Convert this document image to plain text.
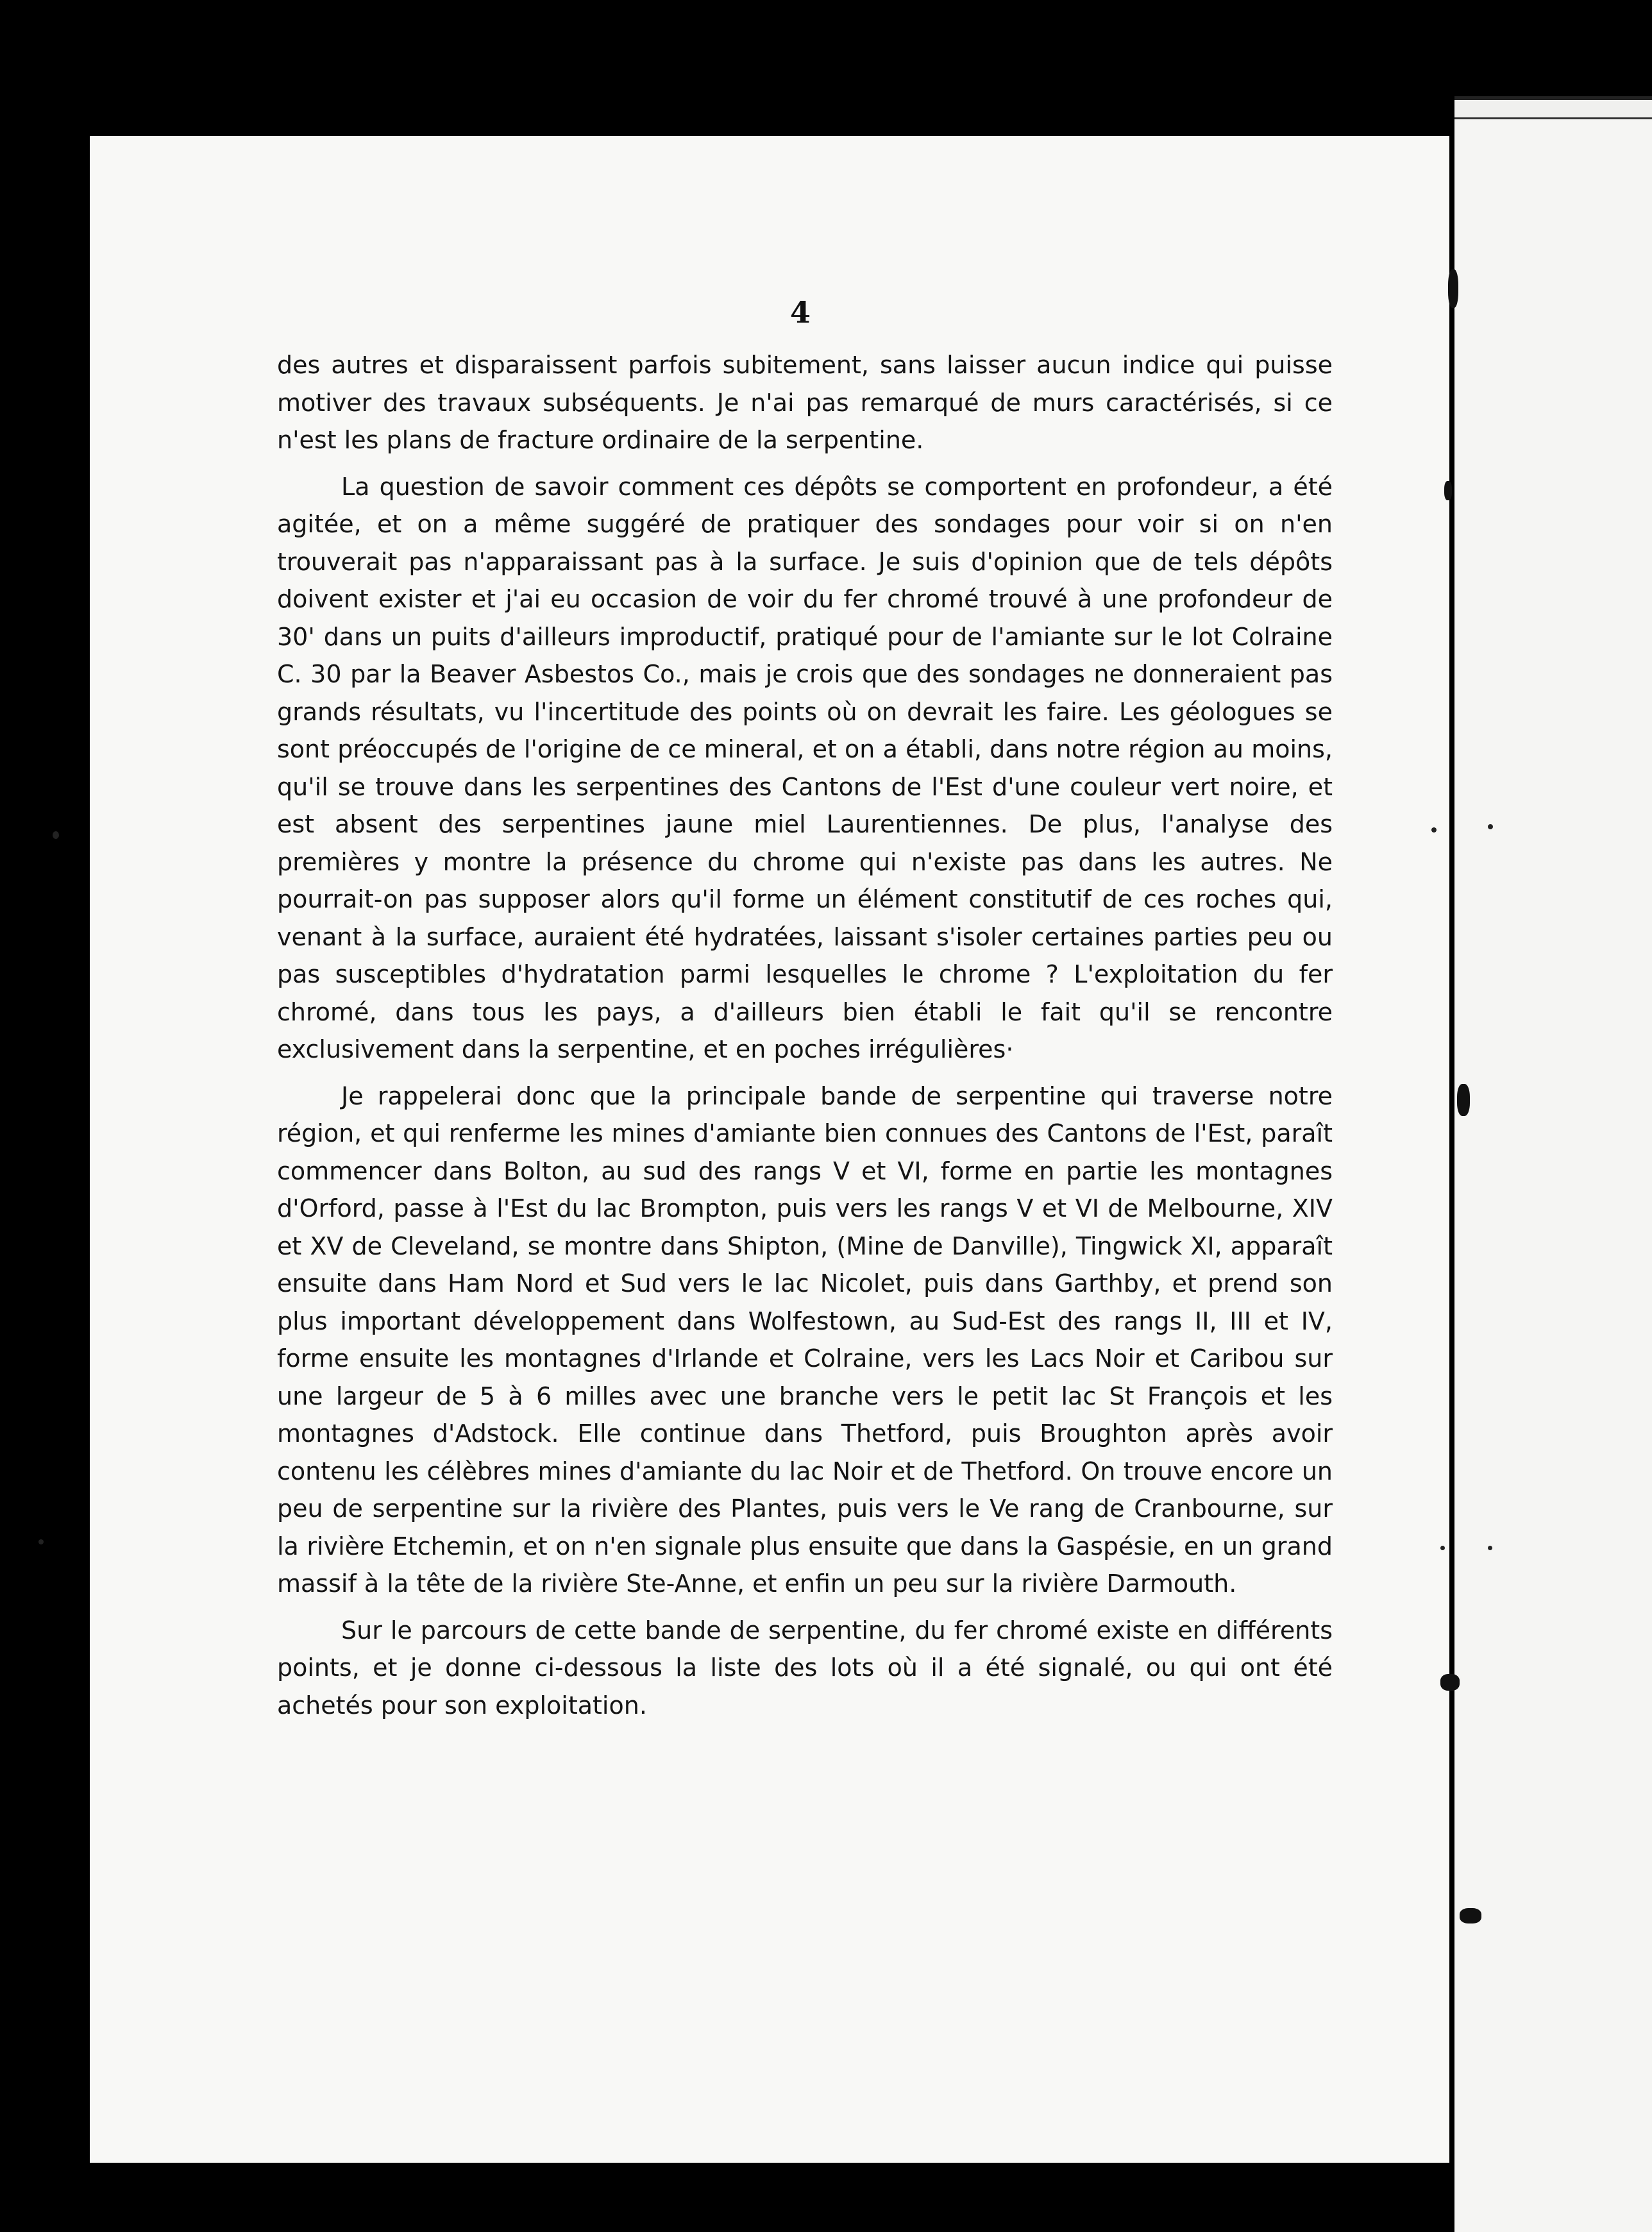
4

des autres et disparaissent parfois subitement, sans laisser aucun indice qui puisse motiver des travaux subséquents. Je n'ai pas remarqué de murs caractérisés, si ce n'est les plans de fracture ordinaire de la serpentine.

La question de savoir comment ces dépôts se comportent en profondeur, a été agitée, et on a même suggéré de pratiquer des sondages pour voir si on n'en trouverait pas n'apparaissant pas à la surface. Je suis d'opinion que de tels dépôts doivent exister et j'ai eu occasion de voir du fer chromé trouvé à une profondeur de 30' dans un puits d'ailleurs improductif, pratiqué pour de l'amiante sur le lot Colraine C. 30 par la Beaver Asbestos Co., mais je crois que des sondages ne donneraient pas grands résultats, vu l'incertitude des points où on devrait les faire. Les géologues se sont préoccupés de l'origine de ce mineral, et on a établi, dans notre région au moins, qu'il se trouve dans les serpentines des Cantons de l'Est d'une couleur vert noire, et est absent des serpentines jaune miel Laurentiennes. De plus, l'analyse des premières y montre la présence du chrome qui n'existe pas dans les autres. Ne pourrait-on pas supposer alors qu'il forme un élément constitutif de ces roches qui, venant à la surface, auraient été hydratées, laissant s'isoler certaines parties peu ou pas susceptibles d'hydratation parmi lesquelles le chrome ? L'exploitation du fer chromé, dans tous les pays, a d'ailleurs bien établi le fait qu'il se rencontre exclusivement dans la serpentine, et en poches irrégulières·

Je rappelerai donc que la principale bande de serpentine qui traverse notre région, et qui renferme les mines d'amiante bien connues des Cantons de l'Est, paraît commencer dans Bolton, au sud des rangs V et VI, forme en partie les montagnes d'Orford, passe à l'Est du lac Brompton, puis vers les rangs V et VI de Melbourne, XIV et XV de Cleveland, se montre dans Shipton, (Mine de Danville), Tingwick XI, apparaît ensuite dans Ham Nord et Sud vers le lac Nicolet, puis dans Garthby, et prend son plus important développement dans Wolfestown, au Sud-Est des rangs II, III et IV, forme ensuite les montagnes d'Irlande et Colraine, vers les Lacs Noir et Caribou sur une largeur de 5 à 6 milles avec une branche vers le petit lac St François et les montagnes d'Adstock. Elle continue dans Thetford, puis Broughton après avoir contenu les célèbres mines d'amiante du lac Noir et de Thetford. On trouve encore un peu de serpentine sur la rivière des Plantes, puis vers le Ve rang de Cranbourne, sur la rivière Etchemin, et on n'en signale plus ensuite que dans la Gaspésie, en un grand massif à la tête de la rivière Ste-Anne, et enfin un peu sur la rivière Darmouth.

Sur le parcours de cette bande de serpentine, du fer chromé existe en différents points, et je donne ci-dessous la liste des lots où il a été signalé, ou qui ont été achetés pour son exploitation.
